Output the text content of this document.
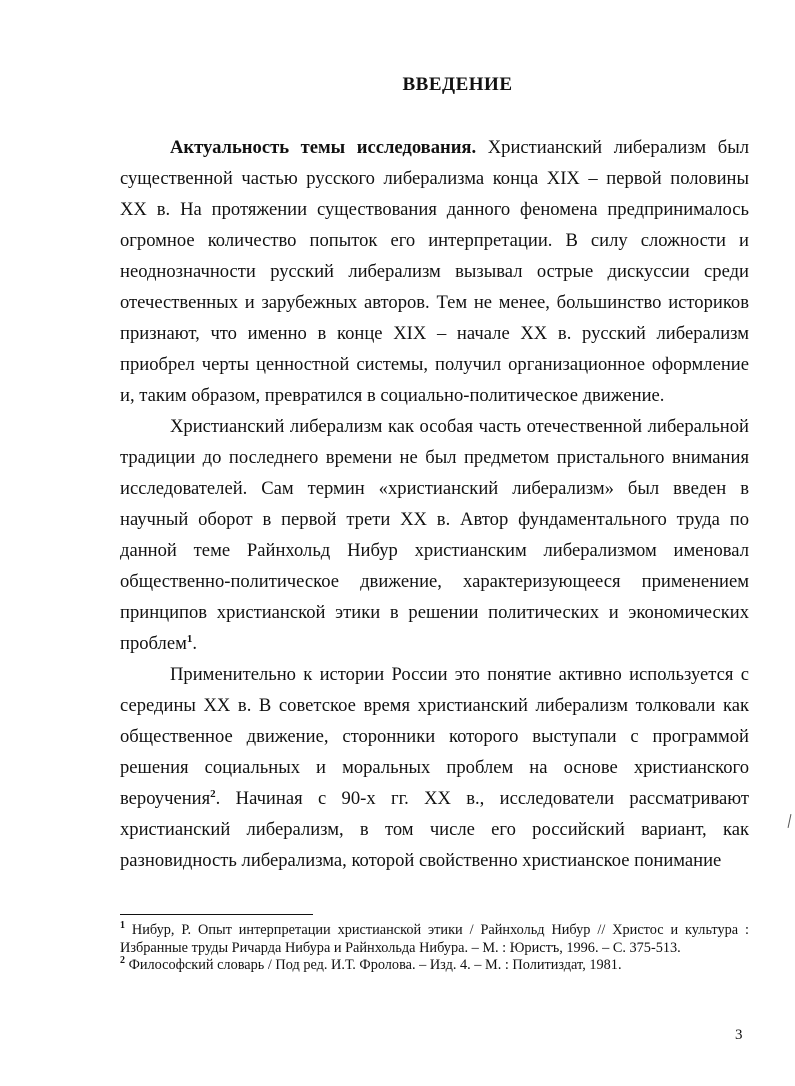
ВВЕДЕНИЕ

Актуальность темы исследования. Христианский либерализм был существенной частью русского либерализма конца XIX – первой половины XX в. На протяжении существования данного феномена предпринималось огромное количество попыток его интерпретации. В силу сложности и неоднозначности русский либерализм вызывал острые дискуссии среди отечественных и зарубежных авторов. Тем не менее, большинство историков признают, что именно в конце XIX – начале XX в. русский либерализм приобрел черты ценностной системы, получил организационное оформление и, таким образом, превратился в социально-политическое движение.

Христианский либерализм как особая часть отечественной либеральной традиции до последнего времени не был предметом пристального внимания исследователей. Сам термин «христианский либерализм» был введен в научный оборот в первой трети XX в. Автор фундаментального труда по данной теме Райнхольд Нибур христианским либерализмом именовал общественно-политическое движение, характеризующееся применением принципов христианской этики в решении политических и экономических проблем$^1$.

Применительно к истории России это понятие активно используется с середины XX в. В советское время христианский либерализм толковали как общественное движение, сторонники которого выступали с программой решения социальных и моральных проблем на основе христианского вероучения$^2$. Начиная с 90-х гг. XX в., исследователи рассматривают христианский либерализм, в том числе его российский вариант, как разновидность либерализма, которой свойственно христианское понимание

$^1$ Нибур, Р. Опыт интерпретации христианской этики / Райнхольд Нибур // Христос и культура : Избранные труды Ричарда Нибура и Райнхольда Нибура. – М. : Юристъ, 1996. – С. 375-513.

$^2$ Философский словарь / Под ред. И.Т. Фролова. – Изд. 4. – М. : Политиздат, 1981.

3
